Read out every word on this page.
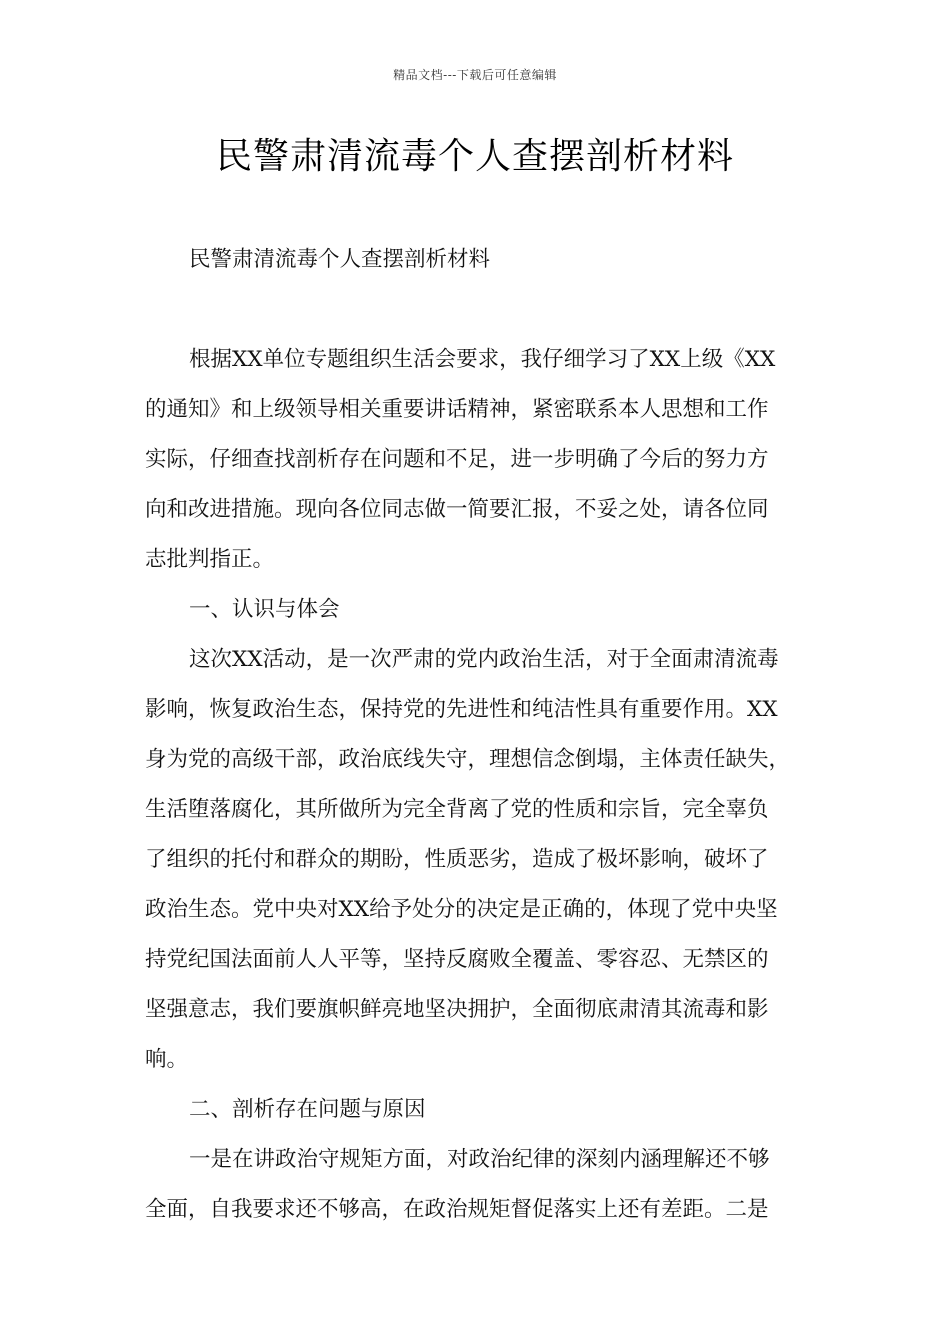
精品文档---下载后可任意编辑
民警肃清流毒个人查摆剖析材料
民警肃清流毒个人查摆剖析材料
根据XX单位专题组织生活会要求，我仔细学习了XX上级《XX
的通知》和上级领导相关重要讲话精神，紧密联系本人思想和工作
实际，仔细查找剖析存在问题和不足，进一步明确了今后的努力方
向和改进措施。现向各位同志做一简要汇报，不妥之处，请各位同
志批判指正。
一、认识与体会
这次XX活动，是一次严肃的党内政治生活，对于全面肃清流毒
影响，恢复政治生态，保持党的先进性和纯洁性具有重要作用。XX
身为党的高级干部，政治底线失守，理想信念倒塌，主体责任缺失，
生活堕落腐化，其所做所为完全背离了党的性质和宗旨，完全辜负
了组织的托付和群众的期盼，性质恶劣，造成了极坏影响，破坏了
政治生态。党中央对XX给予处分的决定是正确的，体现了党中央坚
持党纪国法面前人人平等，坚持反腐败全覆盖、零容忍、无禁区的
坚强意志，我们要旗帜鲜亮地坚决拥护，全面彻底肃清其流毒和影
响。
二、剖析存在问题与原因
一是在讲政治守规矩方面，对政治纪律的深刻内涵理解还不够
全面，自我要求还不够高，在政治规矩督促落实上还有差距。二是
